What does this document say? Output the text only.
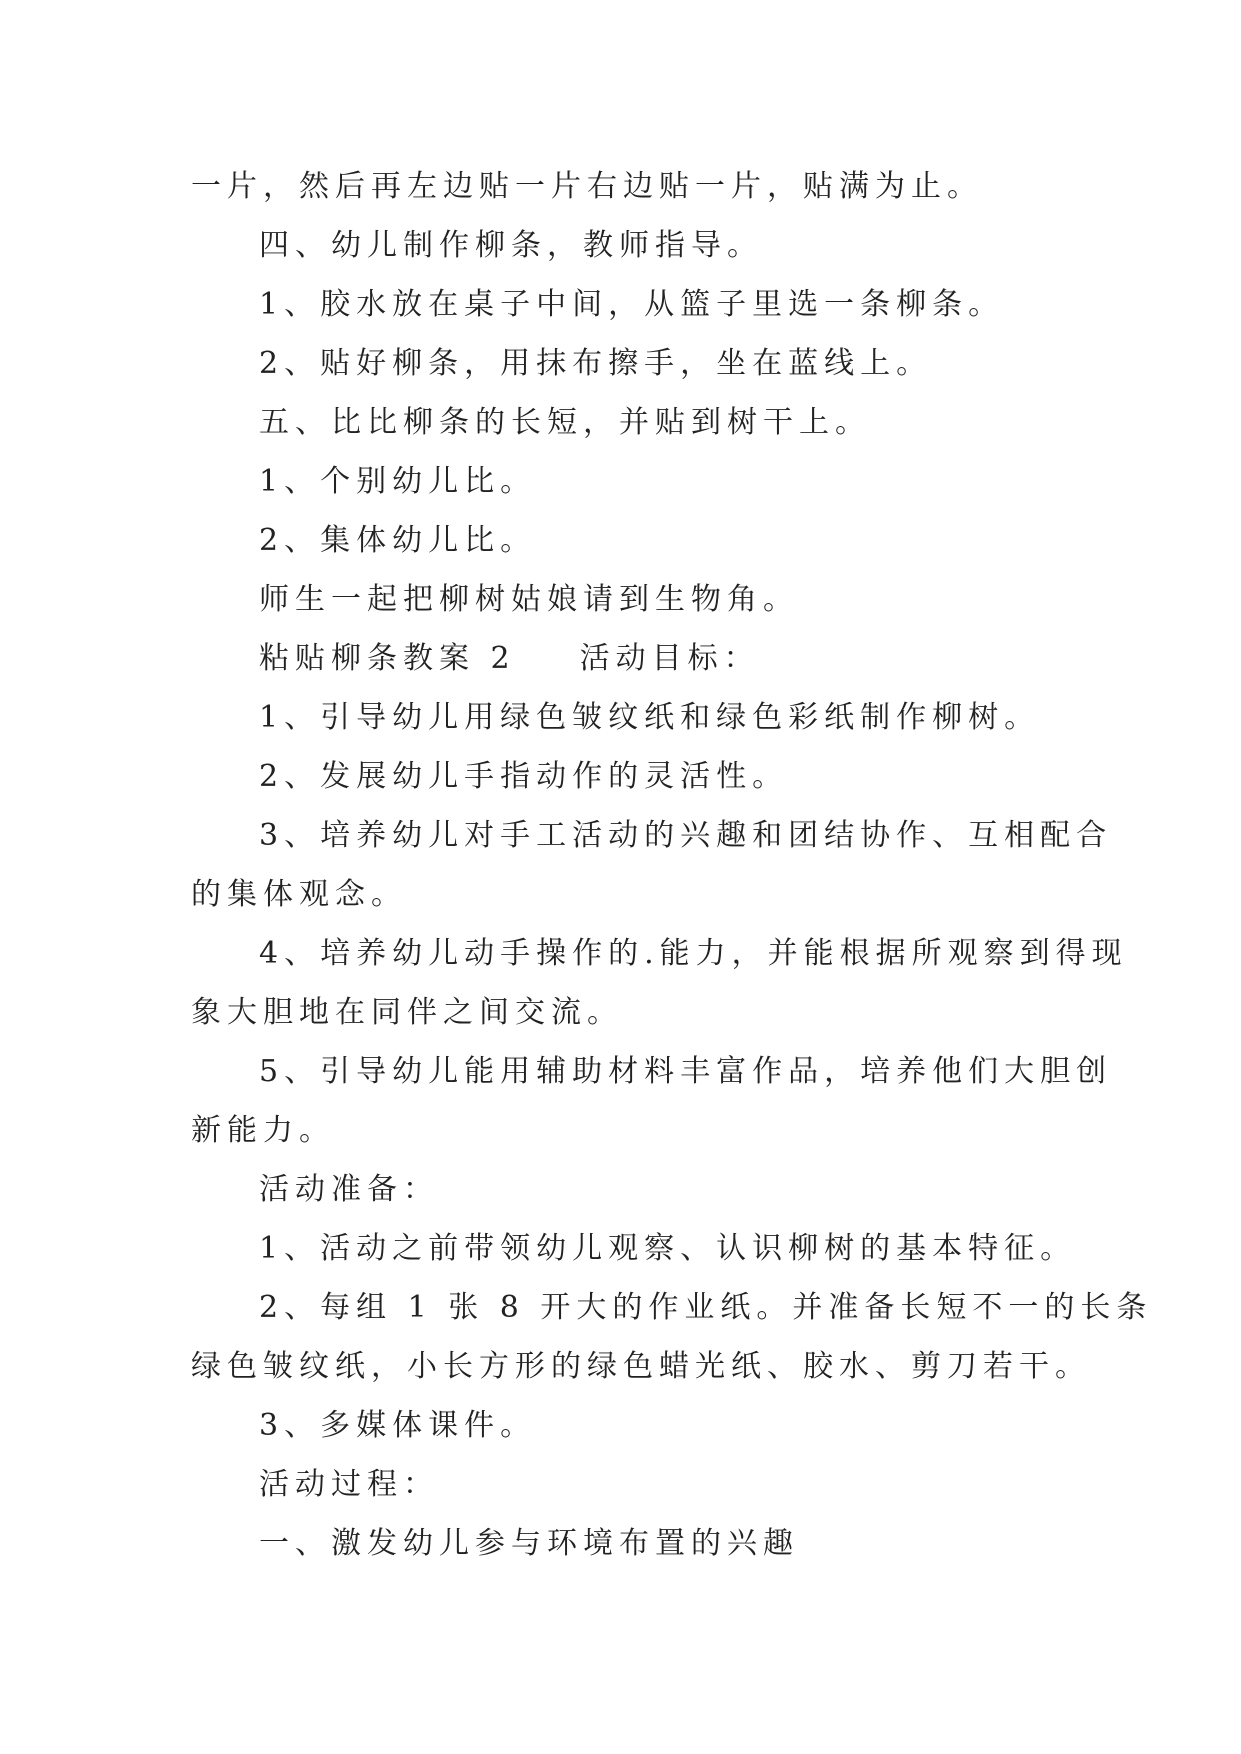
一片，然后再左边贴一片右边贴一片，贴满为止。
四、幼儿制作柳条，教师指导。
1、胶水放在桌子中间，从篮子里选一条柳条。
2、贴好柳条，用抹布擦手，坐在蓝线上。
五、比比柳条的长短，并贴到树干上。
1、个别幼儿比。
2、集体幼儿比。
师生一起把柳树姑娘请到生物角。
粘贴柳条教案 2 活动目标：
1、引导幼儿用绿色皱纹纸和绿色彩纸制作柳树。
2、发展幼儿手指动作的灵活性。
3、培养幼儿对手工活动的兴趣和团结协作、互相配合
的集体观念。
4、培养幼儿动手操作的.能力，并能根据所观察到得现
象大胆地在同伴之间交流。
5、引导幼儿能用辅助材料丰富作品，培养他们大胆创
新能力。
活动准备：
1、活动之前带领幼儿观察、认识柳树的基本特征。
2、每组 1 张 8 开大的作业纸。并准备长短不一的长条
绿色皱纹纸，小长方形的绿色蜡光纸、胶水、剪刀若干。
3、多媒体课件。
活动过程：
一、激发幼儿参与环境布置的兴趣
